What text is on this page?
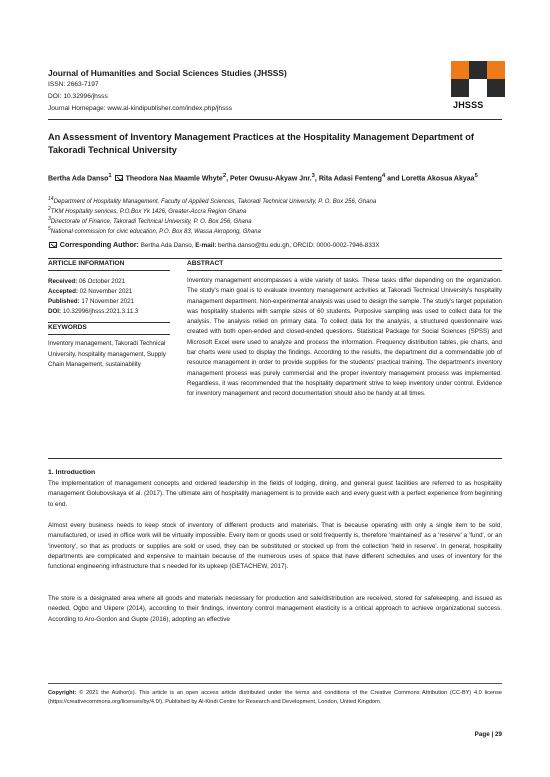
Journal of Humanities and Social Sciences Studies (JHSSS)
ISSN: 2663-7197
DOI: 10.32996/jhsss
Journal Homepage: www.al-kindipublisher.com/index.php/jhsss	JHSSS
An Assessment of Inventory Management Practices at the Hospitality Management Department of Takoradi Technical University
Bertha Ada Danso$^1$ Theodora Naa Maamle Whyte$^2$, Peter Owusu-Akyaw Jnr.$^3$, Rita Adasi Fenteng$^4$ and Loretta Akosua Akyaa$^5$
$^{14}$Department of Hospitality Management, Faculty of Applied Sciences, Takoradi Technical University, P. O. Box 256, Ghana
$^2$TKM Hospitality services, P.O.Box Yk 1426, Greater-Accra Region Ghana
$^3$Directorate of Finance, Takoradi Technical University, P. O. Box 256, Ghana
$^5$National commission for civic education, P.O. Box 83, Wassa Akropong, Ghana
Corresponding Author: Bertha Ada Danso, E-mail: bertha.danso@ttu.edu.gh, ORCID: 0000-0002-7946-833X
ARTICLE INFORMATION	ABSTRACT
Received: 06 October 2021
Accepted: 02 November 2021
Published: 17 November 2021
DOI: 10.32996/jhsss.2021.3.11.3
KEYWORDS
Inventory management, Takoradi Technical University, hospitality management, Supply Chain Management, sustainability
Inventory management encompasses a wide variety of tasks. These tasks differ depending on the organization. The study's main goal is to evaluate inventory management activities at Takoradi Technical University's hospitality management department. Non-experimental analysis was used to design the sample. The study's target population was hospitality students with sample sizes of 60 students. Purposive sampling was used to collect data for the analysis. The analysis relied on primary data. To collect data for the analysis, a structured questionnaire was created with both open-ended and closed-ended questions. Statistical Package for Social Sciences (SPSS) and Microsoft Excel were used to analyze and process the information. Frequency distribution tables, pie charts, and bar charts were used to display the findings. According to the results, the department did a commendable job of resource management in order to provide supplies for the students' practical training. The department's inventory management process was purely commercial and the proper inventory management process was implemented. Regardless, it was recommended that the hospitality department strive to keep inventory under control. Evidence for inventory management and record documentation should also be handy at all times.
1. Introduction
The implementation of management concepts and ordered leadership in the fields of lodging, dining, and general guest facilities are referred to as hospitality management Golubovskaya et al. (2017). The ultimate aim of hospitality management is to provide each and every guest with a perfect experience from beginning to end.
Almost every business needs to keep stock of inventory of different products and materials. That is because operating with only a single item to be sold, manufactured, or used in office work will be virtually impossible. Every item or goods used or sold frequently is, therefore 'maintained' as a 'reserve' a 'fund', or an 'inventory', so that as products or supplies are sold or used, they can be substituted or stocked up from the collection 'held in reserve'. In general, hospitality departments are complicated and expensive to maintain because of the numerous uses of space that have different schedules and uses of inventory for the functional engineering infrastructure that s needed for its upkeep (GETACHEW, 2017).
The store is a designated area where all goods and materials necessary for production and sale/distribution are received, stored for safekeeping, and issued as needed. Ogbo and Ukpere (2014), according to their findings, inventory control management elasticity is a critical approach to achieve organizational success. According to Aro-Gordon and Gupte (2016), adopting an effective
Copyright: © 2021 the Author(s). This article is an open access article distributed under the terms and conditions of the Creative Commons Attribution (CC-BY) 4.0 license (https://creativecommons.org/licenses/by/4.0/). Published by Al-Kindi Centre for Research and Development, London, United Kingdom.
Page | 29
